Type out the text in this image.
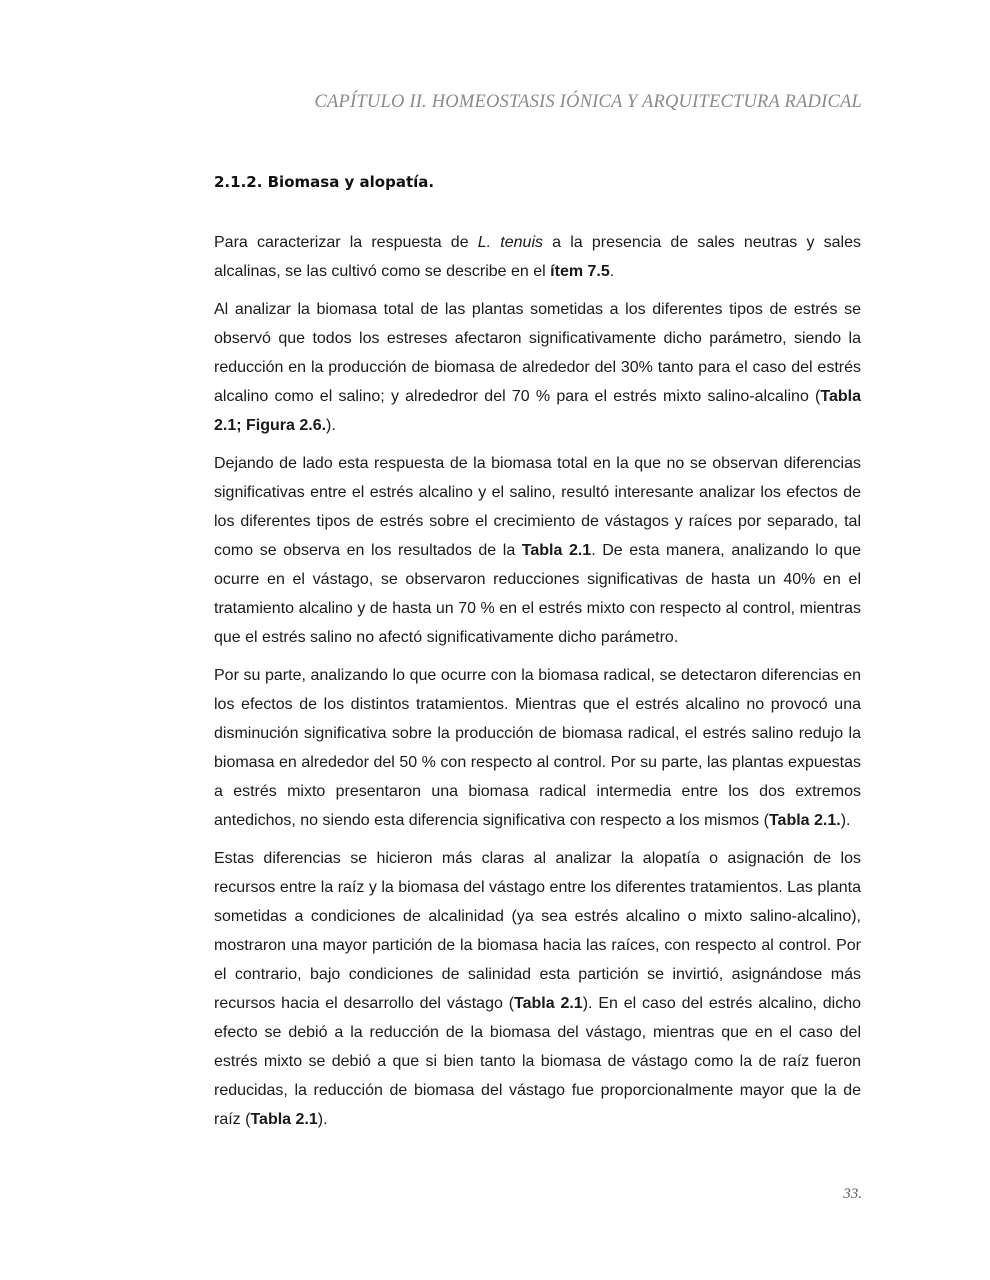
CAPÍTULO II. HOMEOSTASIS IÓNICA Y ARQUITECTURA RADICAL
2.1.2. Biomasa y alopatía.

Para caracterizar la respuesta de L. tenuis a la presencia de sales neutras y sales alcalinas, se las cultivó como se describe en el ítem 7.5.

Al analizar la biomasa total de las plantas sometidas a los diferentes tipos de estrés se observó que todos los estreses afectaron significativamente dicho parámetro, siendo la reducción en la producción de biomasa de alrededor del 30% tanto para el caso del estrés alcalino como el salino; y alrededror del 70 % para el estrés mixto salino-alcalino (Tabla 2.1; Figura 2.6.).

Dejando de lado esta respuesta de la biomasa total en la que no se observan diferencias significativas entre el estrés alcalino y el salino, resultó interesante analizar los efectos de los diferentes tipos de estrés sobre el crecimiento de vástagos y raíces por separado, tal como se observa en los resultados de la Tabla 2.1. De esta manera, analizando lo que ocurre en el vástago, se observaron reducciones significativas de hasta un 40% en el tratamiento alcalino y de hasta un 70 % en el estrés mixto con respecto al control, mientras que el estrés salino no afectó significativamente dicho parámetro.

Por su parte, analizando lo que ocurre con la biomasa radical, se detectaron diferencias en los efectos de los distintos tratamientos. Mientras que el estrés alcalino no provocó una disminución significativa sobre la producción de biomasa radical, el estrés salino redujo la biomasa en alrededor del 50 % con respecto al control. Por su parte, las plantas expuestas a estrés mixto presentaron una biomasa radical intermedia entre los dos extremos antedichos, no siendo esta diferencia significativa con respecto a los mismos (Tabla 2.1.).

Estas diferencias se hicieron más claras al analizar la alopatía o asignación de los recursos entre la raíz y la biomasa del vástago entre los diferentes tratamientos. Las planta sometidas a condiciones de alcalinidad (ya sea estrés alcalino o mixto salino-alcalino), mostraron una mayor partición de la biomasa hacia las raíces, con respecto al control. Por el contrario, bajo condiciones de salinidad esta partición se invirtió, asignándose más recursos hacia el desarrollo del vástago (Tabla 2.1). En el caso del estrés alcalino, dicho efecto se debió a la reducción de la biomasa del vástago, mientras que en el caso del estrés mixto se debió a que si bien tanto la biomasa de vástago como la de raíz fueron reducidas, la reducción de biomasa del vástago fue proporcionalmente mayor que la de raíz (Tabla 2.1).

33.
